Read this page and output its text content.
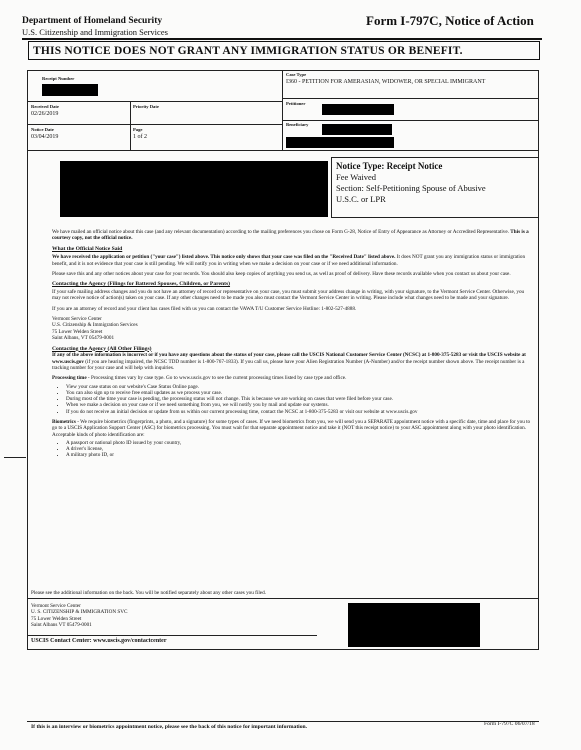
Department of Homeland Security
U.S. Citizenship and Immigration Services
Form I-797C, Notice of Action
THIS NOTICE DOES NOT GRANT ANY IMMIGRATION STATUS OR BENEFIT.
Receipt Number
Case Type
I360 - PETITION FOR AMERASIAN, WIDOWER, OR SPECIAL IMMIGRANT
Received Date
02/26/2019
Priority Date
Petitioner
Notice Date
03/04/2019
Page
1 of 2
Beneficiary
Notice Type: Receipt Notice
Fee Waived
Section: Self-Petitioning Spouse of Abusive
U.S.C. or LPR

We have mailed an official notice about this case (and any relevant documentation) according to the mailing preferences you chose on Form G-28, Notice of Entry of Appearance as Attorney or Accredited Representative. This is a courtesy copy, not the official notice.

What the Official Notice Said

We have received the application or petition ("your case") listed above. This notice only shows that your case was filed on the "Received Date" listed above. It does NOT grant you any immigration status or immigration benefit, and it is not evidence that your case is still pending. We will notify you in writing when we make a decision on your case or if we need additional information.

Please save this and any other notices about your case for your records. You should also keep copies of anything you send us, as well as proof of delivery. Have these records available when you contact us about your case.

Contacting the Agency (Filings for Battered Spouses, Children, or Parents)

If your safe mailing address changes and you do not have an attorney of record or representative on your case, you must submit your address change in writing, with your signature, to the Vermont Service Center. Otherwise, you may not receive notice of action(s) taken on your case. If any other changes need to be made you also must contact the Vermont Service Center in writing. Please include what changes need to be made and your signature.

If you are an attorney of record and your client has cases filed with us you can contact the VAWA T/U Customer Service Hotline: 1-802-527-4888.

Vermont Service Center

U.S. Citizenship & Immigration Services

75 Lower Welden Street

Saint Albans, VT 05479-0001

Contacting the Agency (All Other Filings)

If any of the above information is incorrect or if you have any questions about the status of your case, please call the USCIS National Customer Service Center (NCSC) at 1-800-375-5283 or visit the USCIS website at www.uscis.gov (if you are hearing impaired, the NCSC TDD number is 1-800-767-1833). If you call us, please have your Alien Registration Number (A-Number) and/or the receipt number shown above. The receipt number is a tracking number for your case and will help with inquiries.

Processing time - Processing times vary by case type. Go to www.uscis.gov to see the current processing times listed by case type and office.

• View your case status on our website's Case Status Online page.
• You can also sign up to receive free email updates as we process your case.
• During most of the time your case is pending, the processing status will not change. This is because we are working on cases that were filed before your case.
• When we make a decision on your case or if we need something from you, we will notify you by mail and update our systems.
• If you do not receive an initial decision or update from us within our current processing time, contact the NCSC at 1-800-375-5283 or visit our website at www.uscis.gov

Biometrics - We require biometrics (fingerprints, a photo, and a signature) for some types of cases. If we need biometrics from you, we will send you a SEPARATE appointment notice with a specific date, time and place for you to go to a USCIS Application Support Center (ASC) for biometrics processing. You must wait for that separate appointment notice and take it (NOT this receipt notice) to your ASC appointment along with your photo identification. Acceptable kinds of photo identification are:

• A passport or national photo ID issued by your country,
• A driver's license,
• A military photo ID, or
Please see the additional information on the back. You will be notified separately about any other cases you filed.

Vermont Service Center

U. S. CITIZENSHIP & IMMIGRATION SVC

75 Lower Welden Street

Saint Albans VT 05479-0001

USCIS Contact Center: www.uscis.gov/contactcenter
If this is an interview or biometrics appointment notice, please see the back of this notice for important information.	Form I-797C 06/07/18
